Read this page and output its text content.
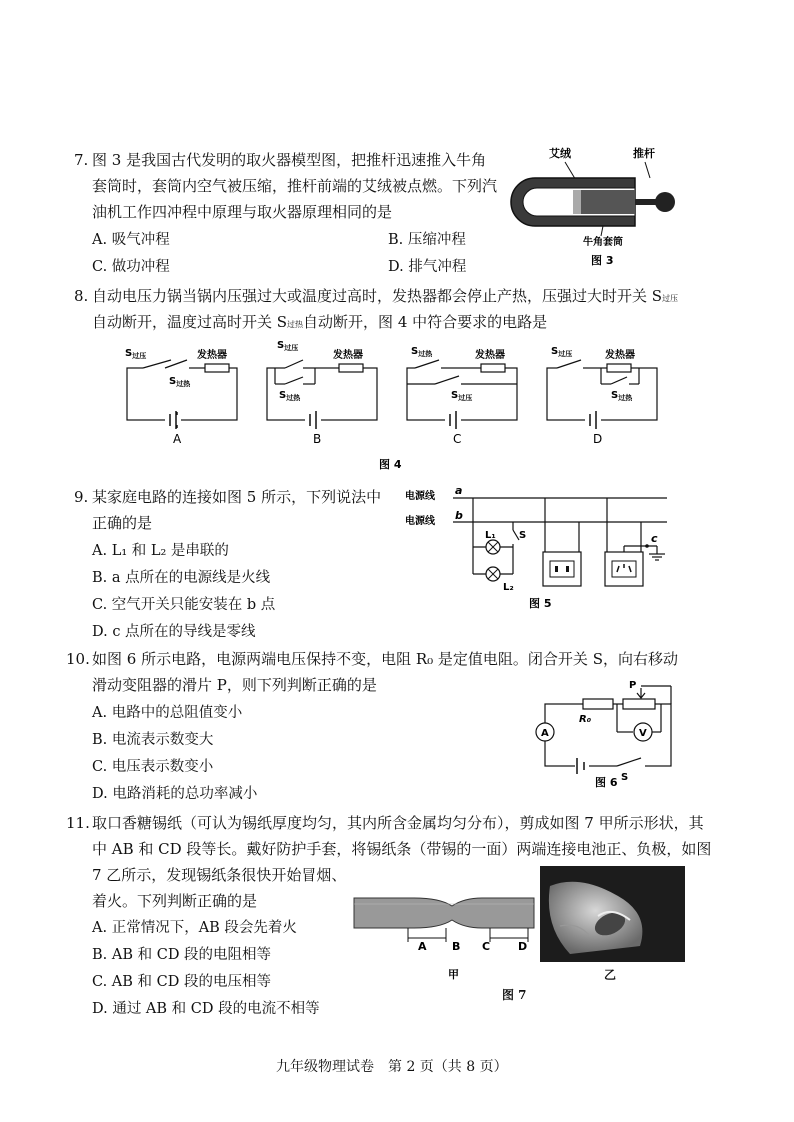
7. 图 3 是我国古代发明的取火器模型图，把推杆迅速推入牛角
套筒时，套筒内空气被压缩，推杆前端的艾绒被点燃。下列汽
油机工作四冲程中原理与取火器原理相同的是
A. 吸气冲程	B. 压缩冲程
C. 做功冲程	D. 排气冲程
艾绒	推杆
牛角套筒
图 3
8. 自动电压力锅当锅内压强过大或温度过高时，发热器都会停止产热，压强过大时开关 S过压
自动断开，温度过高时开关 S过热自动断开，图 4 中符合要求的电路是
$S_{过压}$
$S_{过热}$
发热器
A
$S_{过压}$
$S_{过热}$
发热器
B
$S_{过热}$
$S_{过压}$
发热器
C
$S_{过压}$
$S_{过热}$
发热器
D
图 4
9. 某家庭电路的连接如图 5 所示，下列说法中
正确的是
A. L₁ 和 L₂ 是串联的
B. a 点所在的电源线是火线
C. 空气开关只能安装在 b 点
D. c 点所在的导线是零线
电源线
电源线
a
b
L₁
L₂
S	c
图 5
10. 如图 6 所示电路，电源两端电压保持不变，电阻 R₀ 是定值电阻。闭合开关 S，向右移动
滑动变阻器的滑片 P，则下列判断正确的是
A. 电路中的总阻值变小
B. 电流表示数变大
C. 电压表示数变小
D. 电路消耗的总功率减小
R₀
P
A	V
S
图 6
11. 取口香糖锡纸（可认为锡纸厚度均匀，其内所含金属均匀分布），剪成如图 7 甲所示形状，其
中 AB 和 CD 段等长。戴好防护手套，将锡纸条（带锡的一面）两端连接电池正、负极，如图
7 乙所示，发现锡纸条很快开始冒烟、
着火。下列判断正确的是
A. 正常情况下，AB 段会先着火
B. AB 和 CD 段的电阻相等
C. AB 和 CD 段的电压相等
D. 通过 AB 和 CD 段的电流不相等
A B C	D
甲	乙
图 7
九年级物理试卷　第 2 页（共 8 页）
